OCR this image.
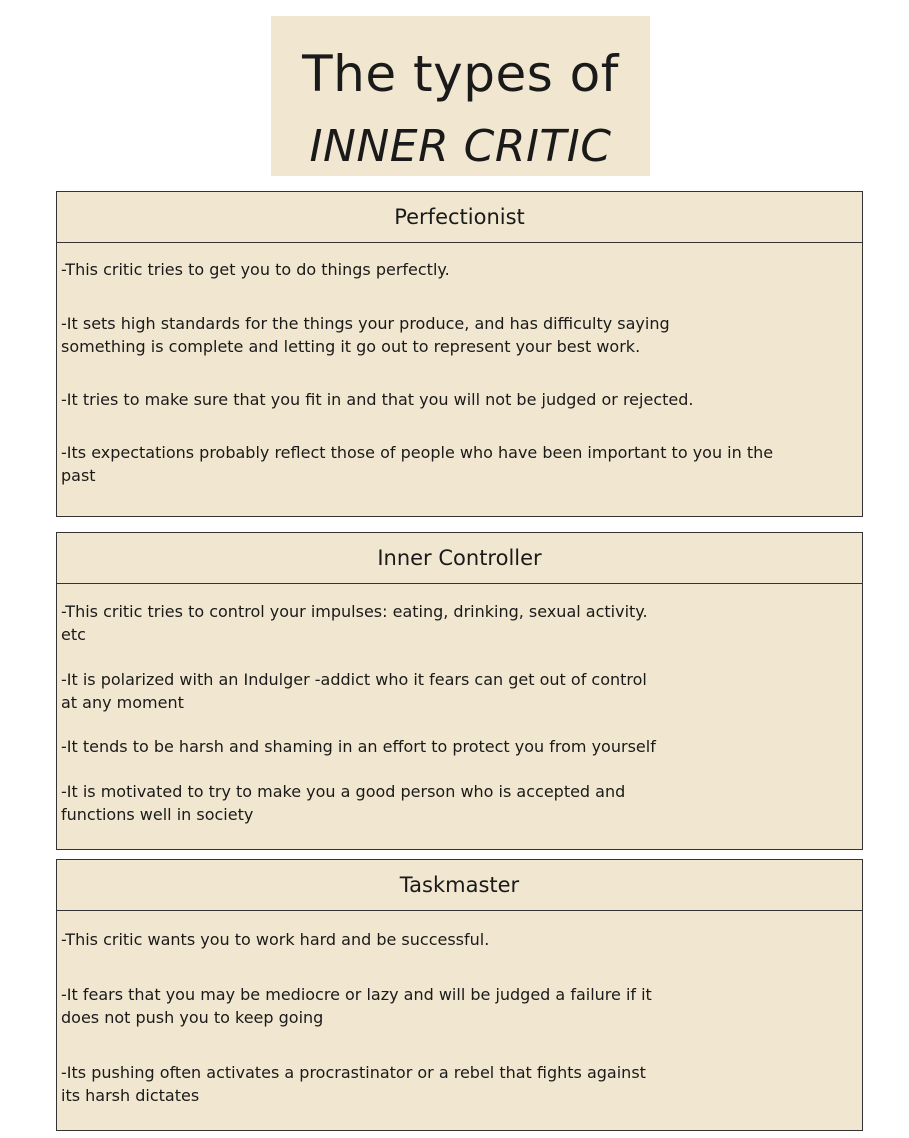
The types of
INNER CRITIC
Perfectionist
-This critic tries to get you to do things perfectly.
-It sets high standards for the things your produce, and has difficulty saying
something is complete and letting it go out to represent your best work.
-It tries to make sure that you fit in and that you will not be judged or rejected.
-Its expectations probably reflect those of people who have been important to you in the
past
Inner Controller
-This critic tries to control your impulses: eating, drinking, sexual activity.
etc
-It is polarized with an Indulger -addict who it fears can get out of control
at any moment
-It tends to be harsh and shaming in an effort to protect you from yourself
-It is motivated to try to make you a good person who is accepted and
functions well in society
Taskmaster
-This critic wants you to work hard and be successful.
-It fears that you may be mediocre or lazy and will be judged a failure if it
does not push you to keep going
-Its pushing often activates a procrastinator or a rebel that fights against
its harsh dictates
